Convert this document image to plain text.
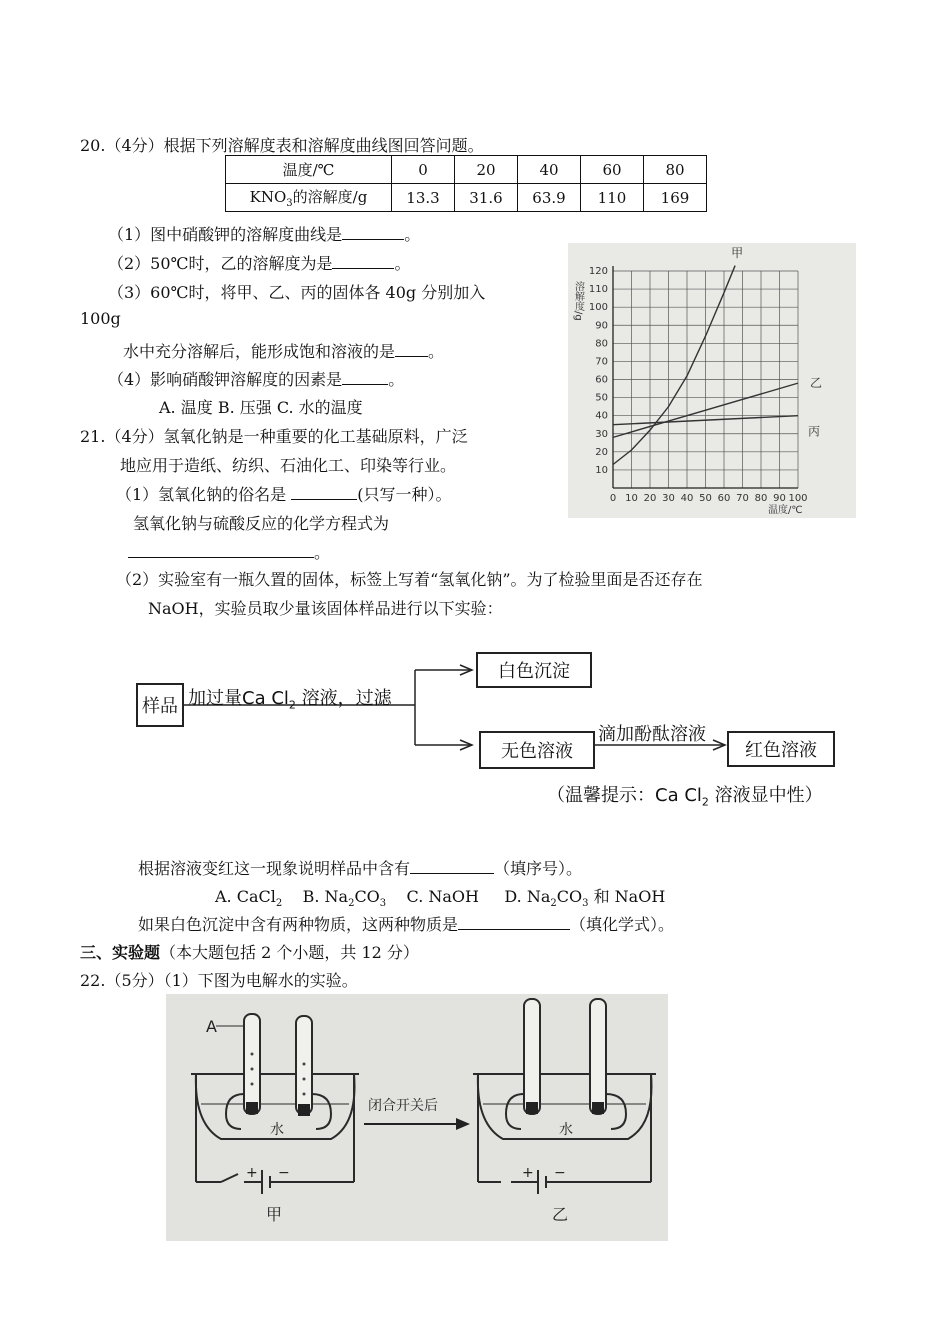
20.（4分）根据下列溶解度表和溶解度曲线图回答问题。
温度/℃	0	20	40	60	80
$KNO_3$的溶解度/g	13.3	31.6	63.9	110	169
（1）图中硝酸钾的溶解度曲线是	。
（2）50℃时，乙的溶解度为是	。
（3）60℃时，将甲、乙、丙的固体各 40g 分别加入
100g
水中充分溶解后，能形成饱和溶液的是 。
（4）影响硝酸钾溶解度的因素是	。
A. 温度 B. 压强 C. 水的温度
0 10 20 30 40 50 60 70 80 90 100
10
20
30
40
50
60
70
80
90
100
110
120
溶解度/g
温度/℃
甲
乙
丙
21.（4分）氢氧化钠是一种重要的化工基础原料，广泛
地应用于造纸、纺织、石油化工、印染等行业。
（1）氢氧化钠的俗名是	(只写一种）。
氢氧化钠与硫酸反应的化学方程式为
。
（2）实验室有一瓶久置的固体，标签上写着“氢氧化钠”。为了检验里面是否还存在
NaOH，实验员取少量该固体样品进行以下实验：
样品 加过量Ca $Cl_2$ 溶液，过滤
白色沉淀
无色溶液
滴加酚酞溶液
红色溶液
（温馨提示：Ca $Cl_2$ 溶液显中性）
根据溶液变红这一现象说明样品中含有	（填序号）。
A. CaCl$_2$ B. $Na_2CO_3$ C. NaOH D. $Na_2CO_3$ 和 NaOH
如果白色沉淀中含有两种物质，这两种物质是	（填化学式）。
三、实验题（本大题包括 2 个小题，共 12 分）
22.（5分）（1）下图为电解水的实验。
A
水
+ −
甲
闭合开关后
+ −
水
乙
